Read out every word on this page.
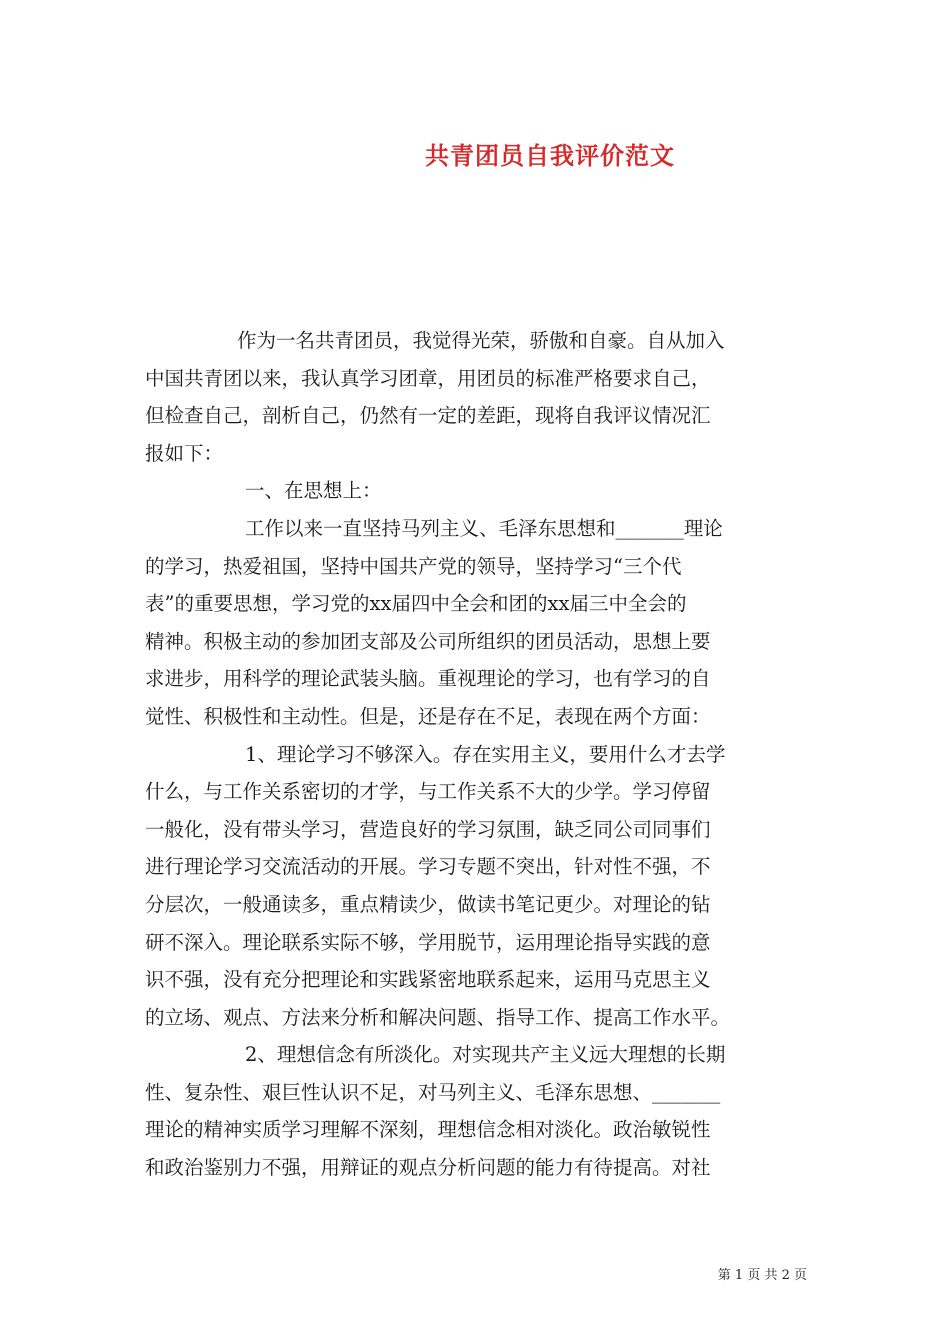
共青团员自我评价范文
作为一名共青团员，我觉得光荣，骄傲和自豪。自从加入
中国共青团以来，我认真学习团章，用团员的标准严格要求自己，
但检查自己，剖析自己，仍然有一定的差距，现将自我评议情况汇
报如下：
一、在思想上：
工作以来一直坚持马列主义、毛泽东思想和_______理论
的学习，热爱祖国，坚持中国共产党的领导，坚持学习“三个代
表”的重要思想，学习党的xx届四中全会和团的xx届三中全会的
精神。积极主动的参加团支部及公司所组织的团员活动，思想上要
求进步，用科学的理论武装头脑。重视理论的学习，也有学习的自
觉性、积极性和主动性。但是，还是存在不足，表现在两个方面：
1、理论学习不够深入。存在实用主义，要用什么才去学
什么，与工作关系密切的才学，与工作关系不大的少学。学习停留
一般化，没有带头学习，营造良好的学习氛围，缺乏同公司同事们
进行理论学习交流活动的开展。学习专题不突出，针对性不强，不
分层次，一般通读多，重点精读少，做读书笔记更少。对理论的钻
研不深入。理论联系实际不够，学用脱节，运用理论指导实践的意
识不强，没有充分把理论和实践紧密地联系起来，运用马克思主义
的立场、观点、方法来分析和解决问题、指导工作、提高工作水平。
2、理想信念有所淡化。对实现共产主义远大理想的长期
性、复杂性、艰巨性认识不足，对马列主义、毛泽东思想、_______
理论的精神实质学习理解不深刻，理想信念相对淡化。政治敏锐性
和政治鉴别力不强，用辩证的观点分析问题的能力有待提高。对社
第 1 页 共 2 页
